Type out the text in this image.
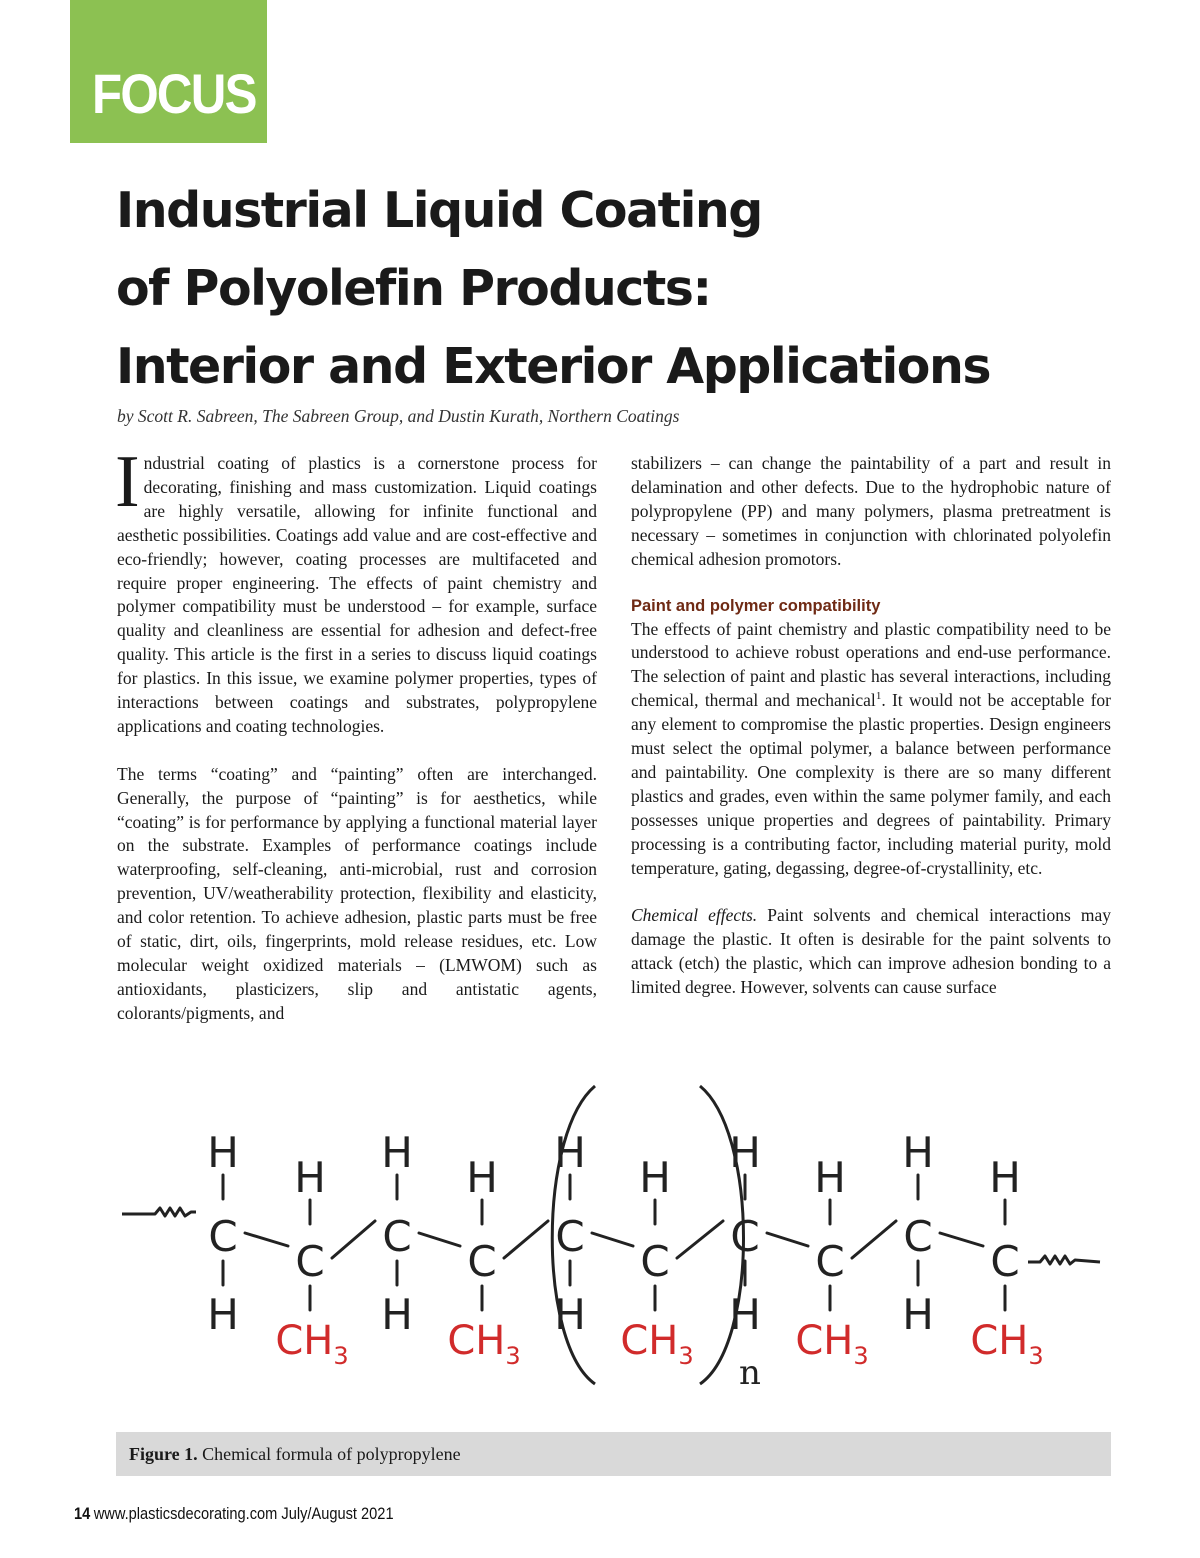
FOCUS
Industrial Liquid Coating
of Polyolefin Products:
Interior and Exterior Applications
by Scott R. Sabreen, The Sabreen Group, and Dustin Kurath, Northern Coatings

Industrial coating of plastics is a cornerstone process for decorating, finishing and mass customization. Liquid coatings are highly versatile, allowing for infinite functional and aesthetic possibilities. Coatings add value and are cost-effective and eco-friendly; however, coating processes are multifaceted and require proper engineering. The effects of paint chemistry and polymer compatibility must be understood – for example, surface quality and cleanliness are essential for adhesion and defect-free quality. This article is the first in a series to discuss liquid coatings for plastics. In this issue, we examine polymer properties, types of interactions between coatings and substrates, polypropylene applications and coating technologies.

The terms “coating” and “painting” often are interchanged. Generally, the purpose of “painting” is for aesthetics, while “coating” is for performance by applying a functional material layer on the substrate. Examples of performance coatings include waterproofing, self-cleaning, anti-microbial, rust and corrosion prevention, UV/weatherability protection, flexibility and elasticity, and color retention. To achieve adhesion, plastic parts must be free of static, dirt, oils, fingerprints, mold release residues, etc. Low molecular weight oxidized materials – (LMWOM) such as antioxidants, plasticizers, slip and antistatic agents, colorants/pigments, and

stabilizers – can change the paintability of a part and result in delamination and other defects. Due to the hydrophobic nature of polypropylene (PP) and many polymers, plasma pretreatment is necessary – sometimes in conjunction with chlorinated polyolefin chemical adhesion promotors.

Paint and polymer compatibility

The effects of paint chemistry and plastic compatibility need to be understood to achieve robust operations and end-use performance. The selection of paint and plastic has several interactions, including chemical, thermal and mechanical$^1$. It would not be acceptable for any element to compromise the plastic properties. Design engineers must select the optimal polymer, a balance between performance and paintability. One complexity is there are so many different plastics and grades, even within the same polymer family, and each possesses unique properties and degrees of paintability. Primary processing is a contributing factor, including material purity, mold temperature, gating, degassing, degree-of-crystallinity, etc.

Chemical effects. Paint solvents and chemical interactions may damage the plastic. It often is desirable for the paint solvents to attack (etch) the plastic, which can improve adhesion bonding to a limited degree. However, solvents can cause surface

C
H
H
C
H
$CH_3$
C
H
H
C
H
$CH_3$
C
H
H
C
H
$CH_3$
C
H
H
C
H
$CH_3$
C
H
H
C
H
$CH_3$
n
Figure 1. Chemical formula of polypropylene
14 www.plasticsdecorating.com July/August 2021
